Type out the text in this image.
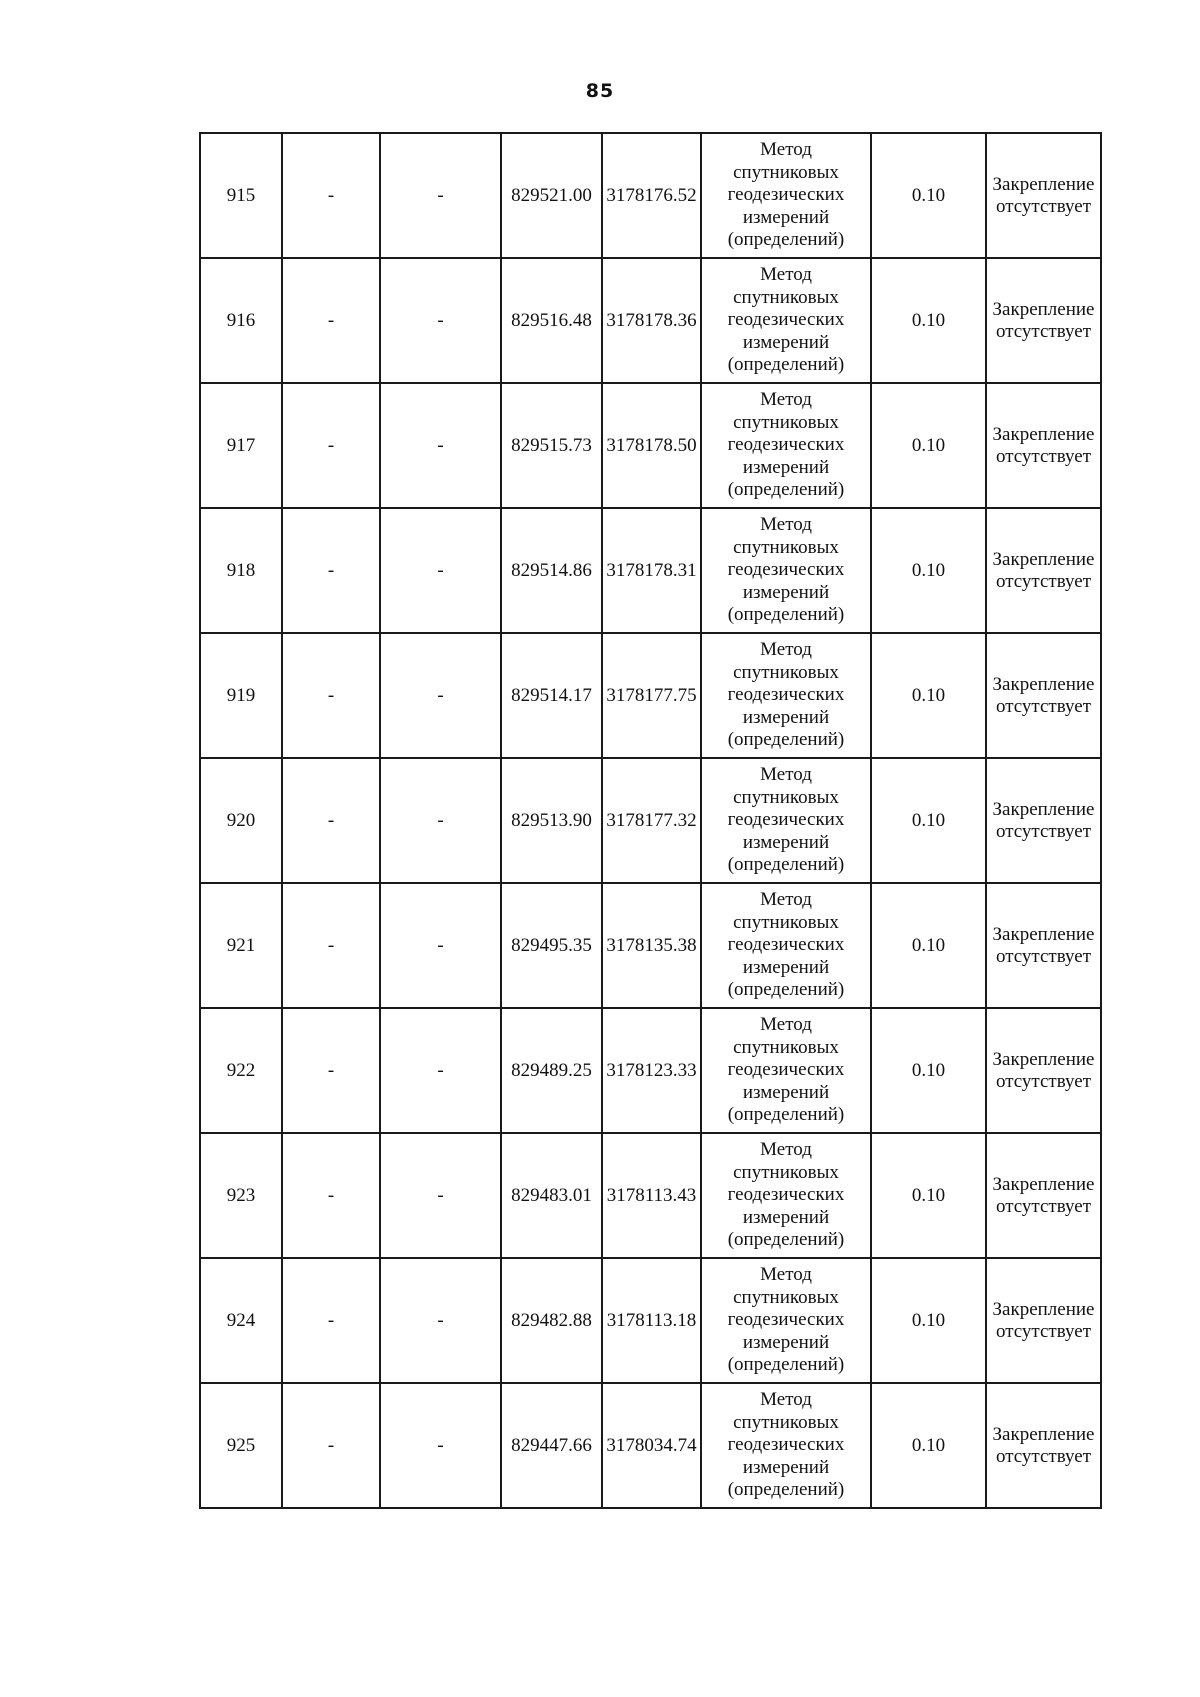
85
915	-	-	829521.00	3178176.52	Метод
спутниковых
геодезических
измерений
(определений)	0.10	Закрепление
отсутствует

916	-	-	829516.48	3178178.36	Метод
спутниковых
геодезических
измерений
(определений)	0.10	Закрепление
отсутствует

917	-	-	829515.73	3178178.50	Метод
спутниковых
геодезических
измерений
(определений)	0.10	Закрепление
отсутствует

918	-	-	829514.86	3178178.31	Метод
спутниковых
геодезических
измерений
(определений)	0.10	Закрепление
отсутствует

919	-	-	829514.17	3178177.75	Метод
спутниковых
геодезических
измерений
(определений)	0.10	Закрепление
отсутствует

920	-	-	829513.90	3178177.32	Метод
спутниковых
геодезических
измерений
(определений)	0.10	Закрепление
отсутствует

921	-	-	829495.35	3178135.38	Метод
спутниковых
геодезических
измерений
(определений)	0.10	Закрепление
отсутствует

922	-	-	829489.25	3178123.33	Метод
спутниковых
геодезических
измерений
(определений)	0.10	Закрепление
отсутствует

923	-	-	829483.01	3178113.43	Метод
спутниковых
геодезических
измерений
(определений)	0.10	Закрепление
отсутствует

924	-	-	829482.88	3178113.18	Метод
спутниковых
геодезических
измерений
(определений)	0.10	Закрепление
отсутствует

925	-	-	829447.66	3178034.74	Метод
спутниковых
геодезических
измерений
(определений)	0.10	Закрепление
отсутствует
